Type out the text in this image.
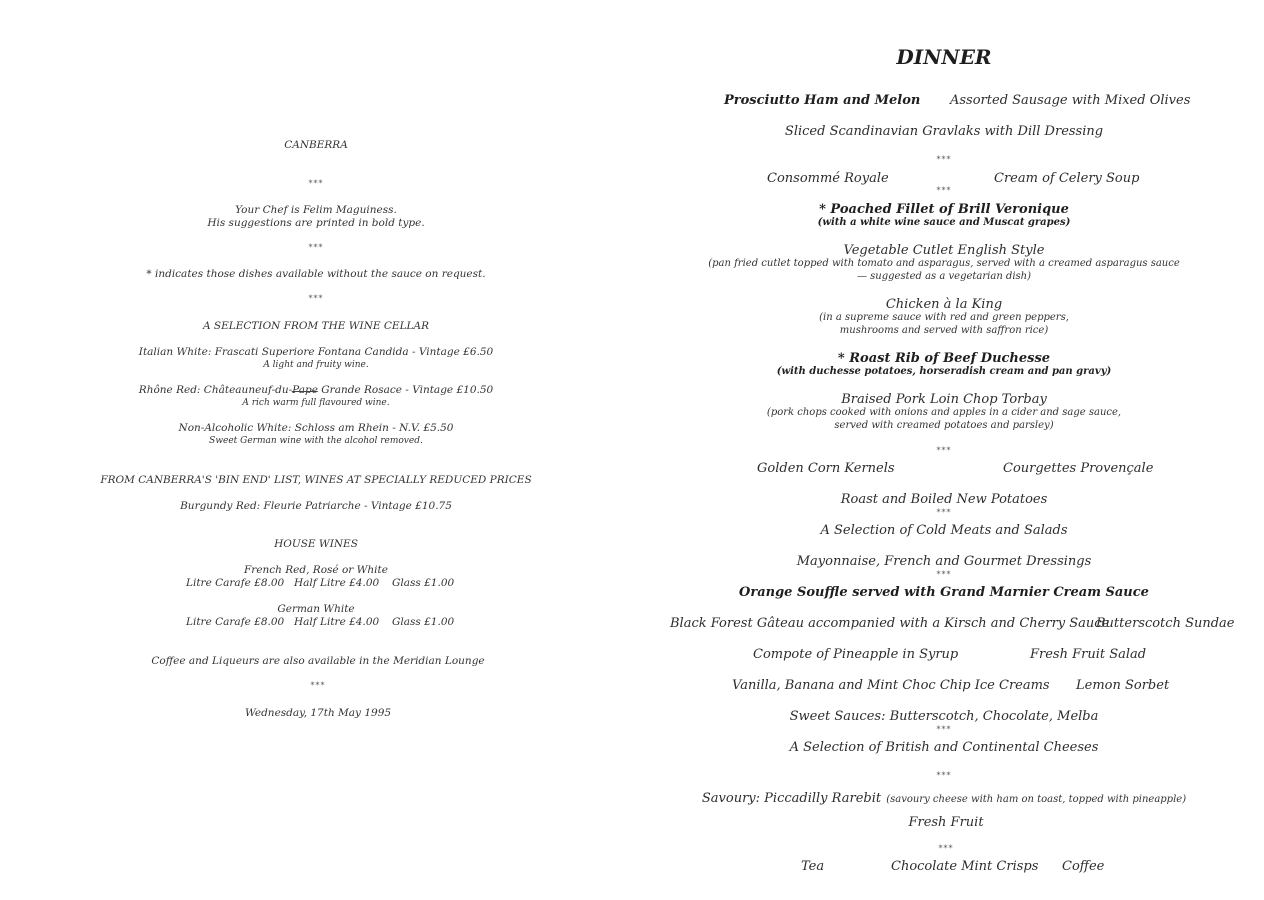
CANBERRA
***
Your Chef is Felim Maguiness.
His suggestions are printed in bold type.
***
* indicates those dishes available without the sauce on request.
***
A SELECTION FROM THE WINE CELLAR
Italian White: Frascati Superiore Fontana Candida - Vintage £6.50
A light and fruity wine.
Rhône Red: Châteauneuf-du-Pape Grande Rosace - Vintage £10.50
A rich warm full flavoured wine.
Non-Alcoholic White: Schloss am Rhein - N.V. £5.50
Sweet German wine with the alcohol removed.
FROM CANBERRA'S 'BIN END' LIST, WINES AT SPECIALLY REDUCED PRICES
Burgundy Red: Fleurie Patriarche - Vintage £10.75
HOUSE WINES
French Red, Rosé or White
Litre Carafe £8.00 Half Litre £4.00 Glass £1.00
German White
Litre Carafe £8.00 Half Litre £4.00 Glass £1.00
Coffee and Liqueurs are also available in the Meridian Lounge
***
Wednesday, 17th May 1995
DINNER
Prosciutto Ham and Melon Assorted Sausage with Mixed Olives
Sliced Scandinavian Gravlaks with Dill Dressing
***
Consommé Royale	Cream of Celery Soup
***
* Poached Fillet of Brill Veronique
(with a white wine sauce and Muscat grapes)
Vegetable Cutlet English Style
(pan fried cutlet topped with tomato and asparagus, served with a creamed asparagus sauce
— suggested as a vegetarian dish)
Chicken à la King
(in a supreme sauce with red and green peppers,
mushrooms and served with saffron rice)
* Roast Rib of Beef Duchesse
(with duchesse potatoes, horseradish cream and pan gravy)
Braised Pork Loin Chop Torbay
(pork chops cooked with onions and apples in a cider and sage sauce,
served with creamed potatoes and parsley)
***
Golden Corn Kernels	Courgettes Provençale
Roast and Boiled New Potatoes
***
A Selection of Cold Meats and Salads
Mayonnaise, French and Gourmet Dressings
***
Orange Souffle served with Grand Marnier Cream Sauce
Black Forest Gâteau accompanied with a Kirsch and Cherry Sauce
Butterscotch Sundae
Compote of Pineapple in Syrup	Fresh Fruit Salad
Vanilla, Banana and Mint Choc Chip Ice Creams Lemon Sorbet
Sweet Sauces: Butterscotch, Chocolate, Melba
***
A Selection of British and Continental Cheeses
***
Savoury: Piccadilly Rarebit (savoury cheese with ham on toast, topped with pineapple)
Fresh Fruit
***
Tea	Chocolate Mint Crisps Coffee
